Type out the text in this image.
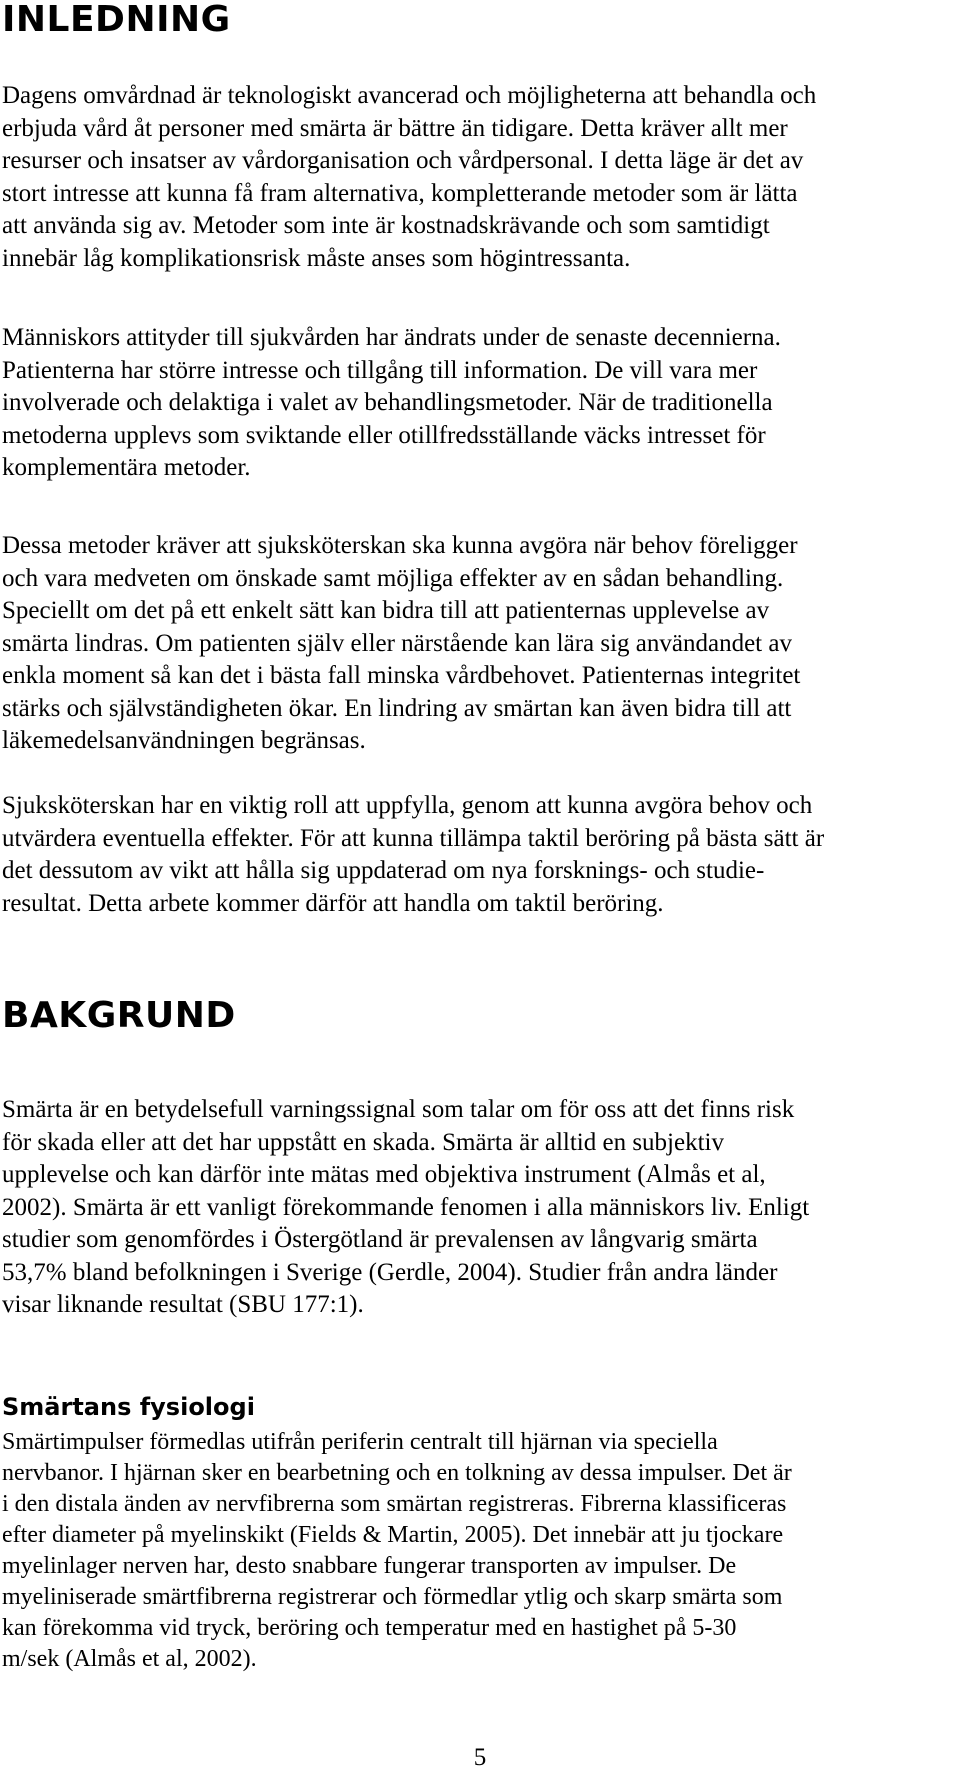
INLEDNING
Dagens omvårdnad är teknologiskt avancerad och möjligheterna att behandla och
erbjuda vård åt personer med smärta är bättre än tidigare. Detta kräver allt mer
resurser och insatser av vårdorganisation och vårdpersonal. I detta läge är det av
stort intresse att kunna få fram alternativa, kompletterande metoder som är lätta
att använda sig av. Metoder som inte är kostnadskrävande och som samtidigt
innebär låg komplikationsrisk måste anses som högintressanta.
Människors attityder till sjukvården har ändrats under de senaste decennierna.
Patienterna har större intresse och tillgång till information. De vill vara mer
involverade och delaktiga i valet av behandlingsmetoder. När de traditionella
metoderna upplevs som sviktande eller otillfredsställande väcks intresset för
komplementära metoder.
Dessa metoder kräver att sjuksköterskan ska kunna avgöra när behov föreligger
och vara medveten om önskade samt möjliga effekter av en sådan behandling.
Speciellt om det på ett enkelt sätt kan bidra till att patienternas upplevelse av
smärta lindras. Om patienten själv eller närstående kan lära sig användandet av
enkla moment så kan det i bästa fall minska vårdbehovet. Patienternas integritet
stärks och självständigheten ökar. En lindring av smärtan kan även bidra till att
läkemedelsanvändningen begränsas.
Sjuksköterskan har en viktig roll att uppfylla, genom att kunna avgöra behov och
utvärdera eventuella effekter. För att kunna tillämpa taktil beröring på bästa sätt är
det dessutom av vikt att hålla sig uppdaterad om nya forsknings- och studie-
resultat. Detta arbete kommer därför att handla om taktil beröring.
BAKGRUND
Smärta är en betydelsefull varningssignal som talar om för oss att det finns risk
för skada eller att det har uppstått en skada. Smärta är alltid en subjektiv
upplevelse och kan därför inte mätas med objektiva instrument (Almås et al,
2002). Smärta är ett vanligt förekommande fenomen i alla människors liv. Enligt
studier som genomfördes i Östergötland är prevalensen av långvarig smärta
53,7% bland befolkningen i Sverige (Gerdle, 2004). Studier från andra länder
visar liknande resultat (SBU 177:1).
Smärtans fysiologi
Smärtimpulser förmedlas utifrån periferin centralt till hjärnan via speciella
nervbanor. I hjärnan sker en bearbetning och en tolkning av dessa impulser. Det är
i den distala änden av nervfibrerna som smärtan registreras. Fibrerna klassificeras
efter diameter på myelinskikt (Fields & Martin, 2005). Det innebär att ju tjockare
myelinlager nerven har, desto snabbare fungerar transporten av impulser. De
myeliniserade smärtfibrerna registrerar och förmedlar ytlig och skarp smärta som
kan förekomma vid tryck, beröring och temperatur med en hastighet på 5-30
m/sek (Almås et al, 2002).
5
